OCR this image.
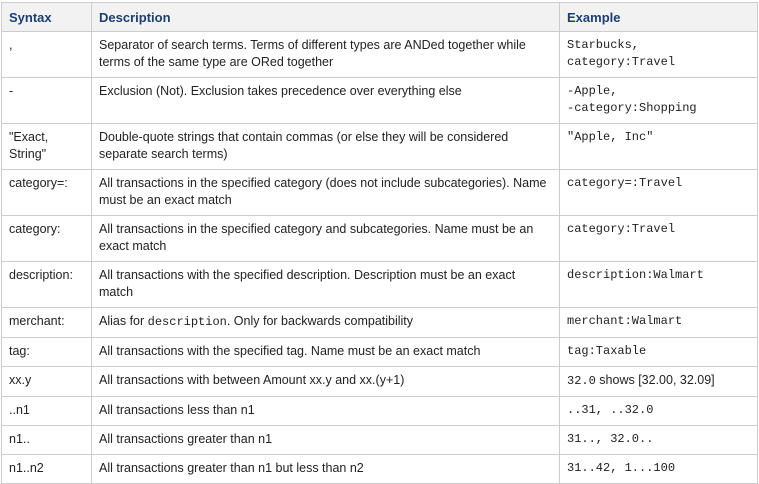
Syntax	Description	Example
,	Separator of search terms. Terms of different types are ANDed together while terms of the same type are ORed together	Starbucks,
category:Travel

-	Exclusion (Not). Exclusion takes precedence over everything else	-Apple,
-category:Shopping

"Exact, String"	Double-quote strings that contain commas (or else they will be considered separate search terms)	"Apple, Inc"
category=:	All transactions in the specified category (does not include subcategories). Name must be an exact match	category=:Travel
category:	All transactions in the specified category and subcategories. Name must be an exact match	category:Travel
description:	All transactions with the specified description. Description must be an exact match	description:Walmart
merchant:	Alias for description. Only for backwards compatibility	merchant:Walmart
tag:	All transactions with the specified tag. Name must be an exact match	tag:Taxable
xx.y	All transactions with between Amount xx.y and xx.(y+1)	32.0 shows [32.00, 32.09]
..n1	All transactions less than n1	..31, ..32.0
n1..	All transactions greater than n1	31.., 32.0..
n1..n2	All transactions greater than n1 but less than n2	31..42, 1...100
